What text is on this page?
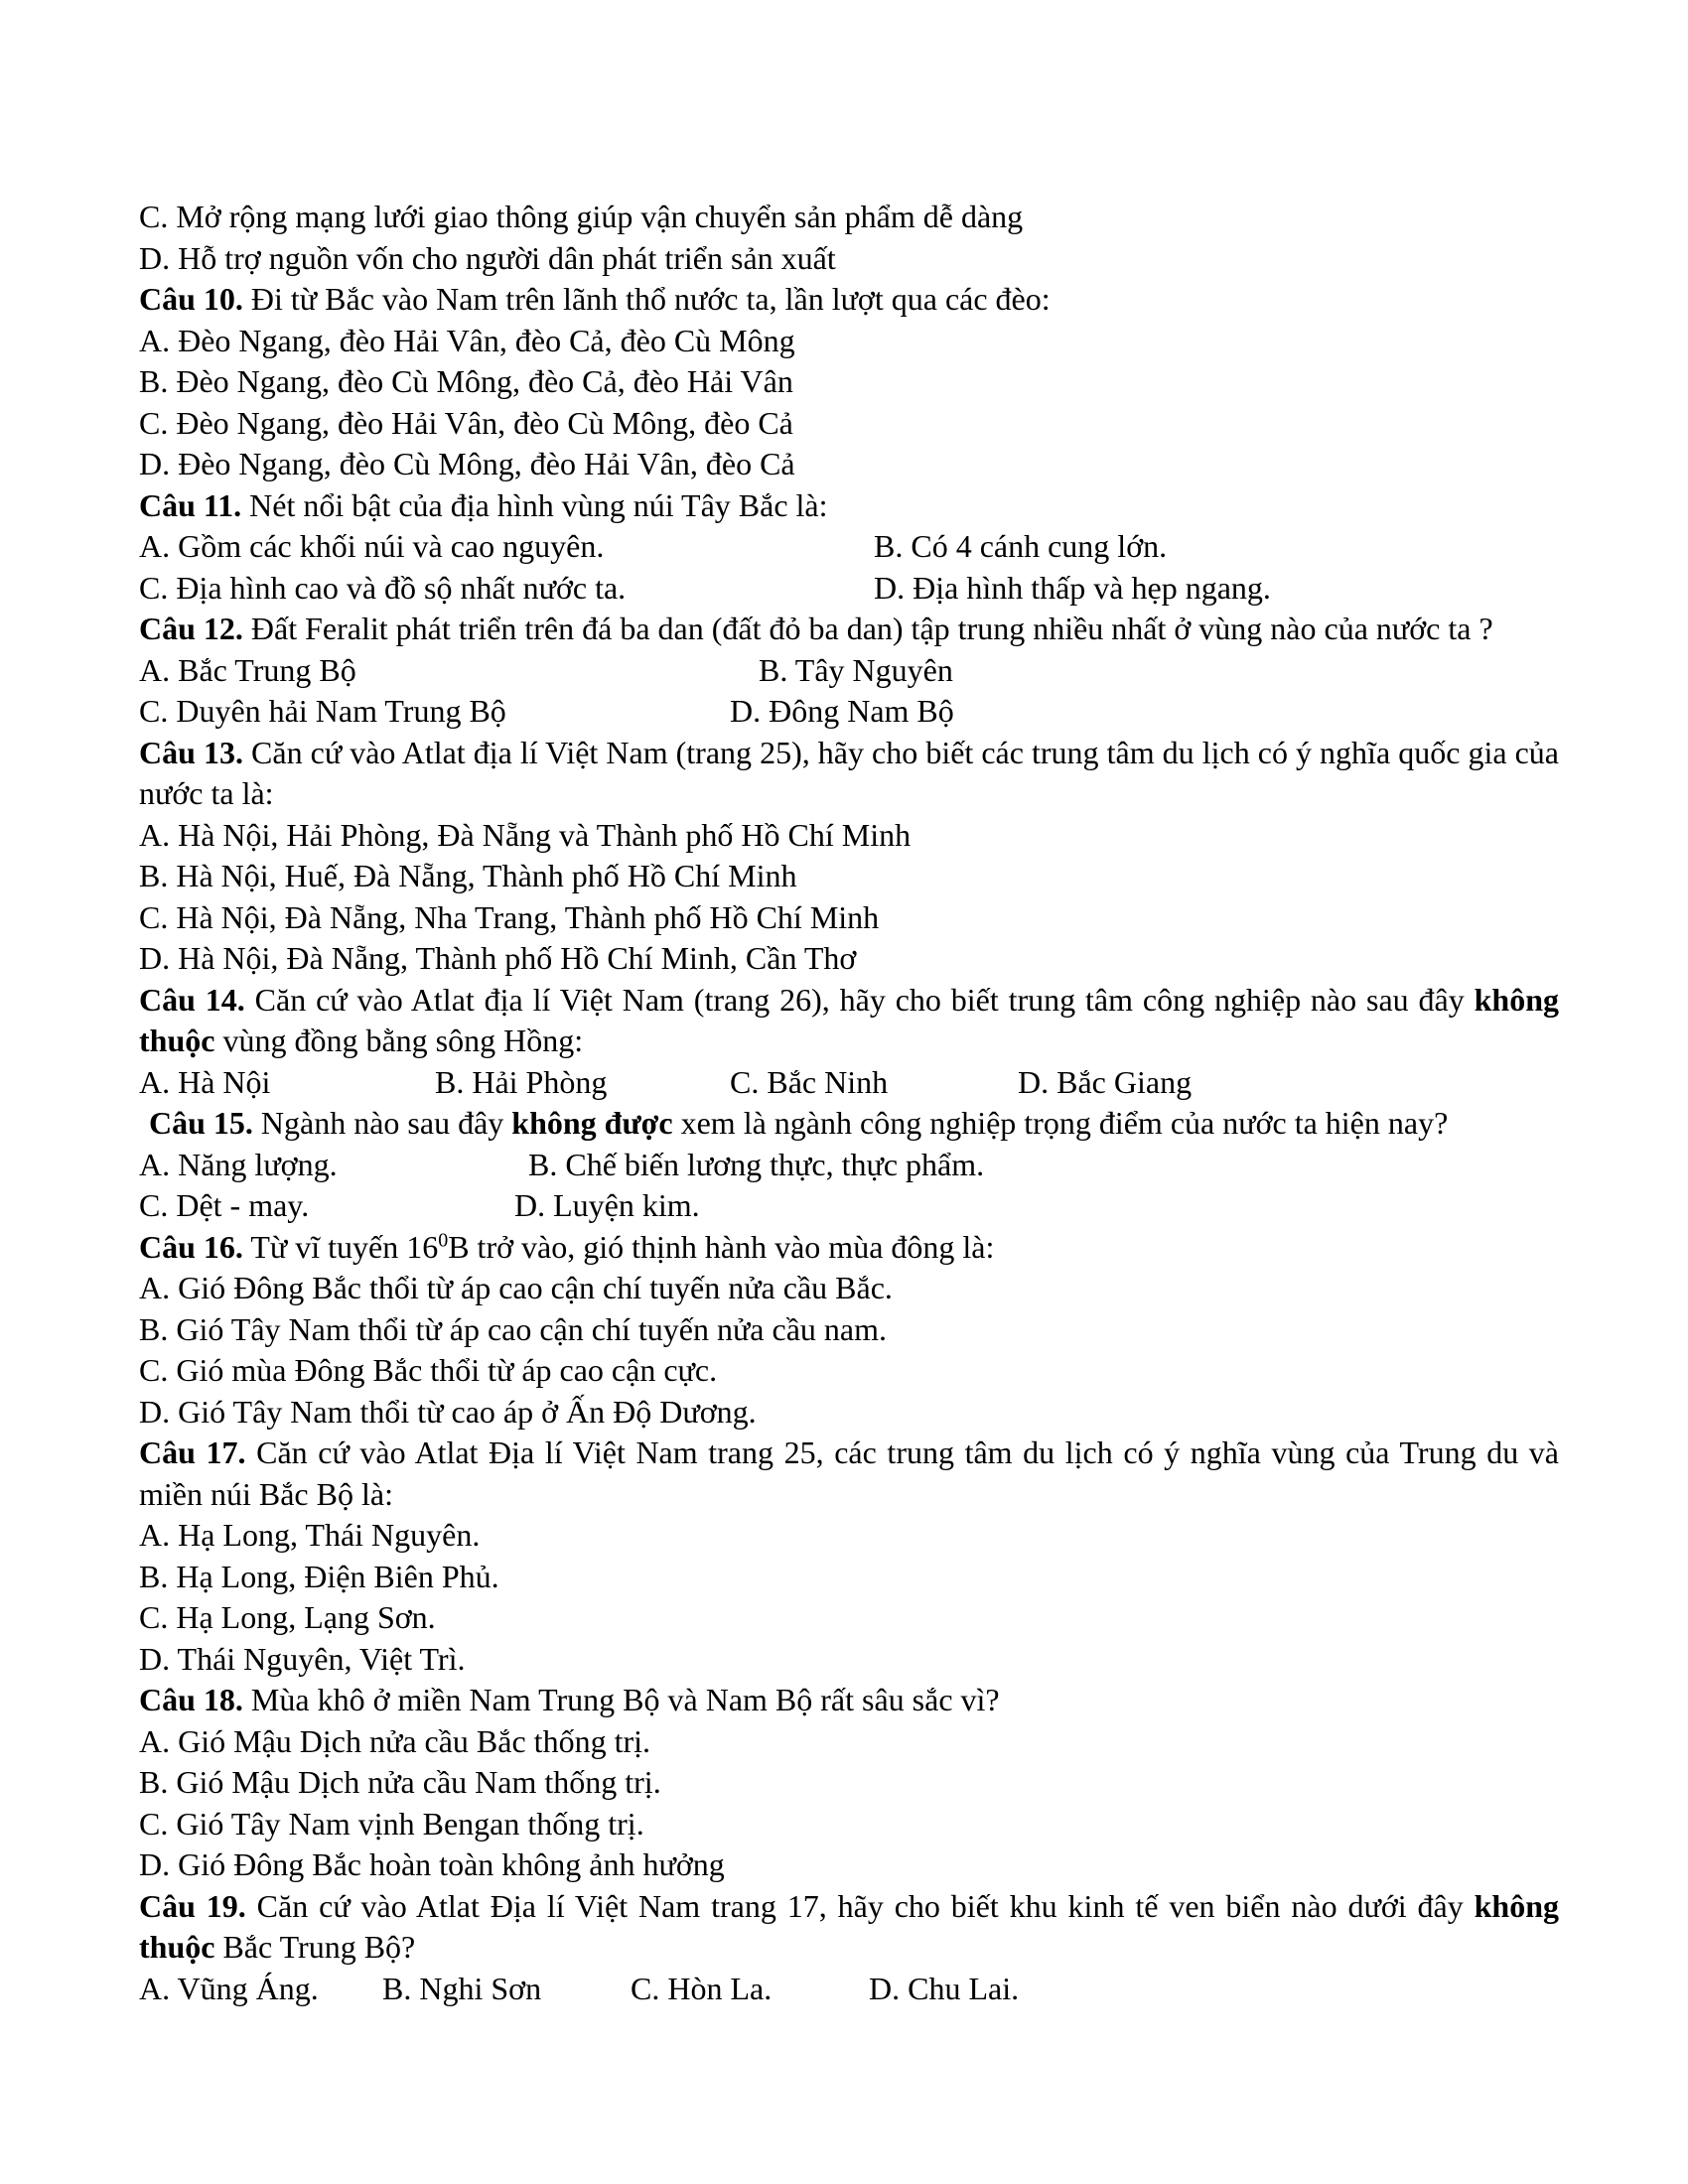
C. Mở rộng mạng lưới giao thông giúp vận chuyển sản phẩm dễ dàng
D. Hỗ trợ nguồn vốn cho người dân phát triển sản xuất
Câu 10. Đi từ Bắc vào Nam trên lãnh thổ nước ta, lần lượt qua các đèo:
A. Đèo Ngang, đèo Hải Vân, đèo Cả, đèo Cù Mông
B. Đèo Ngang, đèo Cù Mông, đèo Cả, đèo Hải Vân
C. Đèo Ngang, đèo Hải Vân, đèo Cù Mông, đèo Cả
D. Đèo Ngang, đèo Cù Mông, đèo Hải Vân, đèo Cả
Câu 11. Nét nổi bật của địa hình vùng núi Tây Bắc là:
A. Gồm các khối núi và cao nguyên.	B. Có 4 cánh cung lớn.
C. Địa hình cao và đồ sộ nhất nước ta.	D. Địa hình thấp và hẹp ngang.
Câu 12. Đất Feralit phát triển trên đá ba dan (đất đỏ ba dan) tập trung nhiều nhất ở vùng nào của nước ta ?
A. Bắc Trung Bộ	B. Tây Nguyên
C. Duyên hải Nam Trung Bộ	D. Đông Nam Bộ
Câu 13. Căn cứ vào Atlat địa lí Việt Nam (trang 25), hãy cho biết các trung tâm du lịch có ý nghĩa quốc gia của nước ta là:
A. Hà Nội, Hải Phòng, Đà Nẵng và Thành phố Hồ Chí Minh
B. Hà Nội, Huế, Đà Nẵng, Thành phố Hồ Chí Minh
C. Hà Nội, Đà Nẵng, Nha Trang, Thành phố Hồ Chí Minh
D. Hà Nội, Đà Nẵng, Thành phố Hồ Chí Minh, Cần Thơ
Câu 14. Căn cứ vào Atlat địa lí Việt Nam (trang 26), hãy cho biết trung tâm công nghiệp nào sau đây không thuộc vùng đồng bằng sông Hồng:
A. Hà Nội	B. Hải Phòng	C. Bắc Ninh	D. Bắc Giang
Câu 15. Ngành nào sau đây không được xem là ngành công nghiệp trọng điểm của nước ta hiện nay?
A. Năng lượng.	B. Chế biến lương thực, thực phẩm.
C. Dệt - may.	D. Luyện kim.
Câu 16. Từ vĩ tuyến $16^0B$ trở vào, gió thịnh hành vào mùa đông là:
A. Gió Đông Bắc thổi từ áp cao cận chí tuyến nửa cầu Bắc.
B. Gió Tây Nam thổi từ áp cao cận chí tuyến nửa cầu nam.
C. Gió mùa Đông Bắc thổi từ áp cao cận cực.
D. Gió Tây Nam thổi từ cao áp ở Ấn Độ Dương.
Câu 17. Căn cứ vào Atlat Địa lí Việt Nam trang 25, các trung tâm du lịch có ý nghĩa vùng của Trung du và miền núi Bắc Bộ là:
A. Hạ Long, Thái Nguyên.
B. Hạ Long, Điện Biên Phủ.
C. Hạ Long, Lạng Sơn.
D. Thái Nguyên, Việt Trì.
Câu 18. Mùa khô ở miền Nam Trung Bộ và Nam Bộ rất sâu sắc vì?
A. Gió Mậu Dịch nửa cầu Bắc thống trị.
B. Gió Mậu Dịch nửa cầu Nam thống trị.
C. Gió Tây Nam vịnh Bengan thống trị.
D. Gió Đông Bắc hoàn toàn không ảnh hưởng
Câu 19. Căn cứ vào Atlat Địa lí Việt Nam trang 17, hãy cho biết khu kinh tế ven biển nào dưới đây không thuộc Bắc Trung Bộ?
A. Vũng Áng.	B. Nghi Sơn	C. Hòn La.	D. Chu Lai.
